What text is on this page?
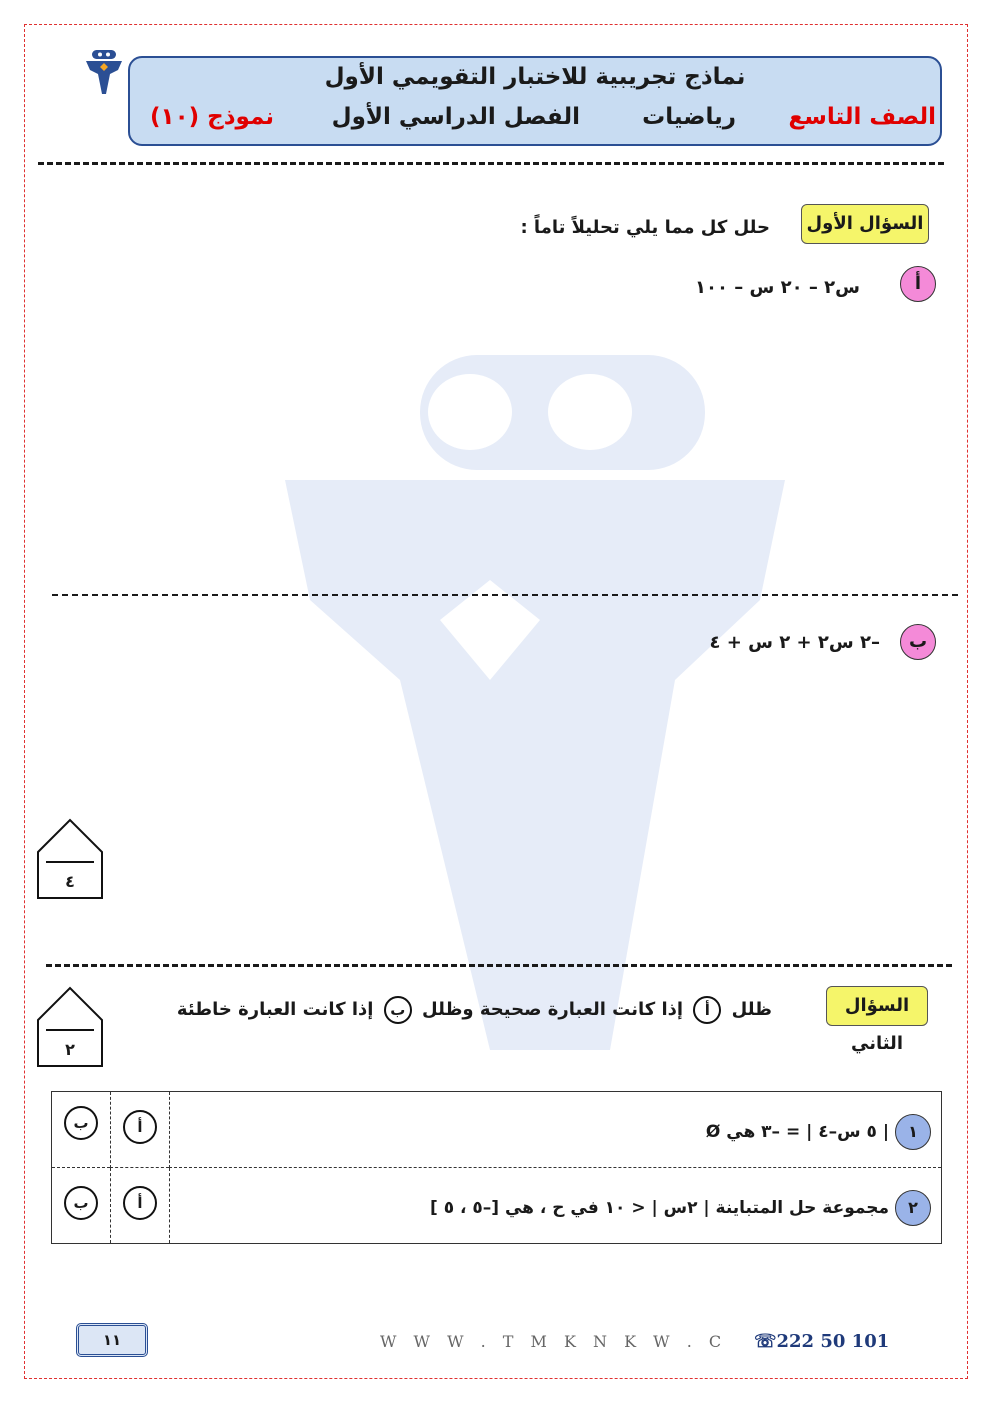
نماذج تجريبية للاختبار التقويمي الأول
الصف التاسع
رياضيات
الفصل الدراسي الأول
نموذج (١٠)
السؤال الأول
حلل كل مما يلي تحليلاً تاماً :
أ
س٢ – ٢٠ س – ١٠٠
ب
–٢ س٢ + ٢ س + ٤
٤
السؤال الثاني
ظلل أ إذا كانت العبارة صحيحة وظلل ب إذا كانت العبارة خاطئة
٢
١ | ٥ س–٤ | = –٣ هي Ø	أ	ب

٢ مجموعة حل المتباينة | ٢س | < ١٠ في ح ، هي [–٥ ، ٥ ]	أ	ب
١١	W W W . T M K N K W . C ☏222 50 101
